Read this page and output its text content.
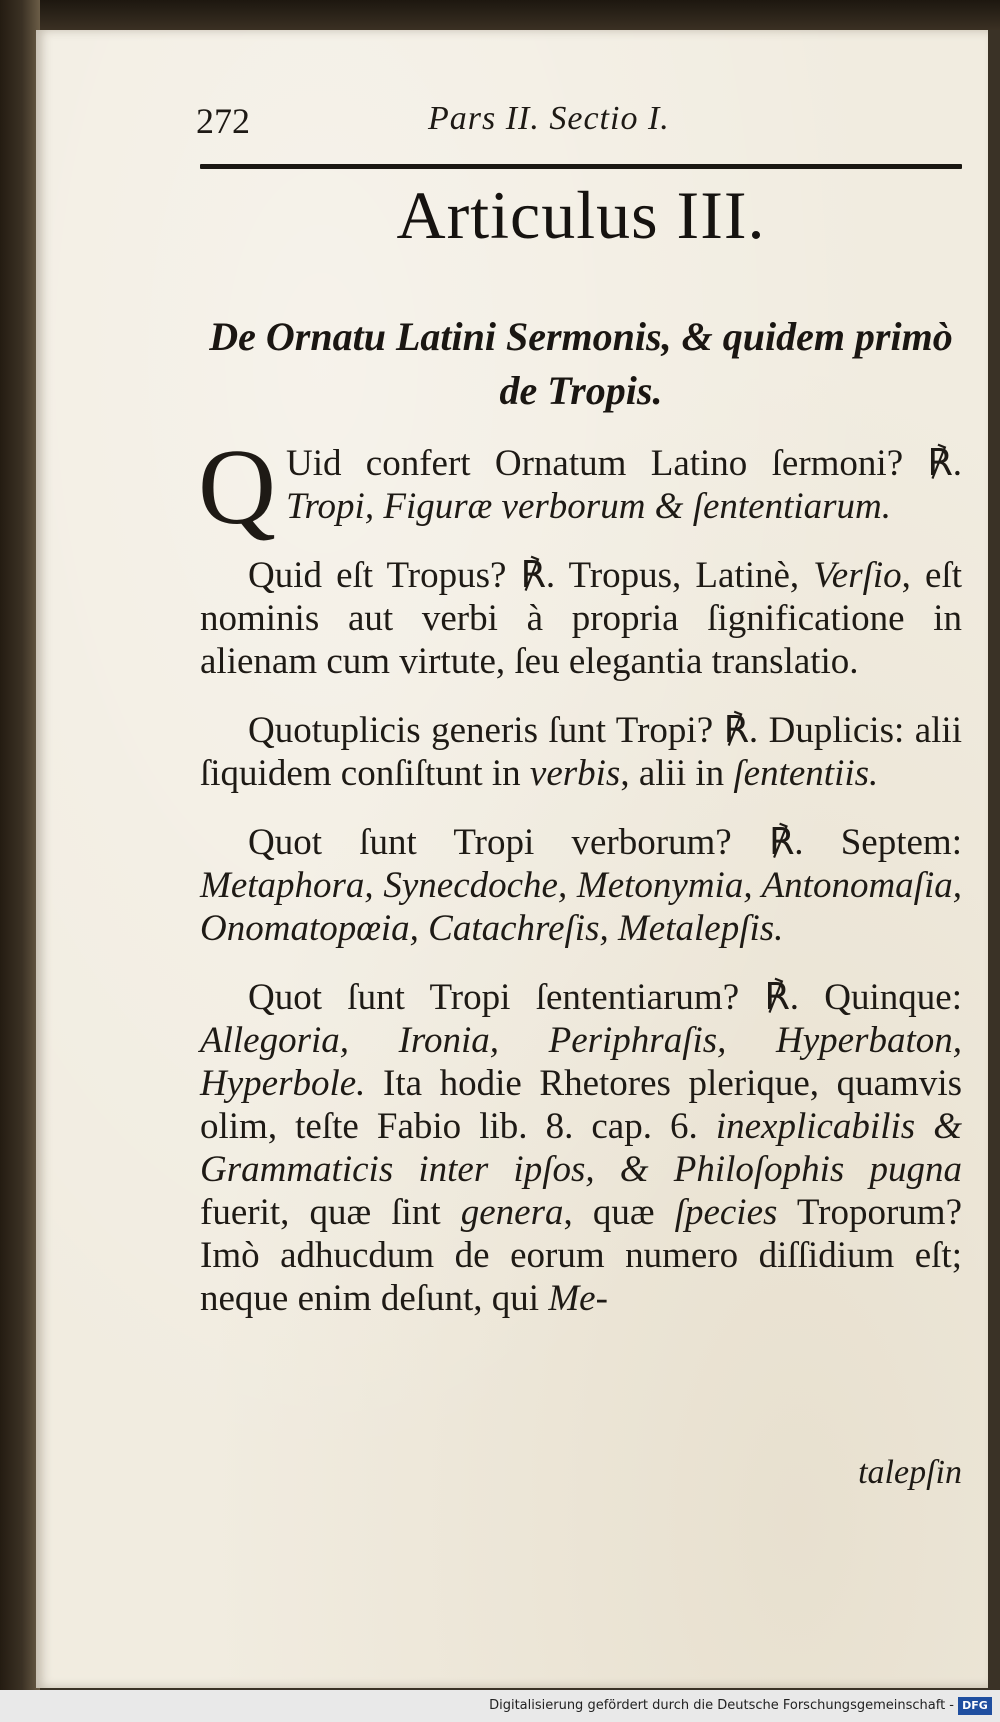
272	Pars II. Sectio I.
Articulus III.
De Ornatu Latini Sermonis, & quidem primò de Tropis.

Q Uid confert Ornatum Latino ſermoni? ℟. Tropi, Figuræ verborum & ſententiarum.

Quid eſt Tropus? ℟. Tropus, Latinè, Verſio, eſt nominis aut verbi à propria ſignificatione in alienam cum virtute, ſeu elegantia translatio.

Quotuplicis generis ſunt Tropi? ℟. Duplicis: alii ſiquidem conſiſtunt in verbis, alii in ſententiis.

Quot ſunt Tropi verborum? ℟. Septem: Metaphora, Synecdoche, Metonymia, Antonomaſia, Onomatopœia, Catachreſis, Metalepſis.

Quot ſunt Tropi ſententiarum? ℟. Quinque: Allegoria, Ironia, Periphraſis, Hyperbaton, Hyperbole. Ita hodie Rhetores plerique, quamvis olim, teſte Fabio lib. 8. cap. 6. inexplicabilis & Grammaticis inter ipſos, & Philoſophis pugna fuerit, quæ ſint genera, quæ ſpecies Troporum? Imò adhucdum de eorum numero diſſidium eſt; neque enim deſunt, qui Me-

talepſin
Digitalisierung gefördert durch die Deutsche Forschungsgemeinschaft - DFG
